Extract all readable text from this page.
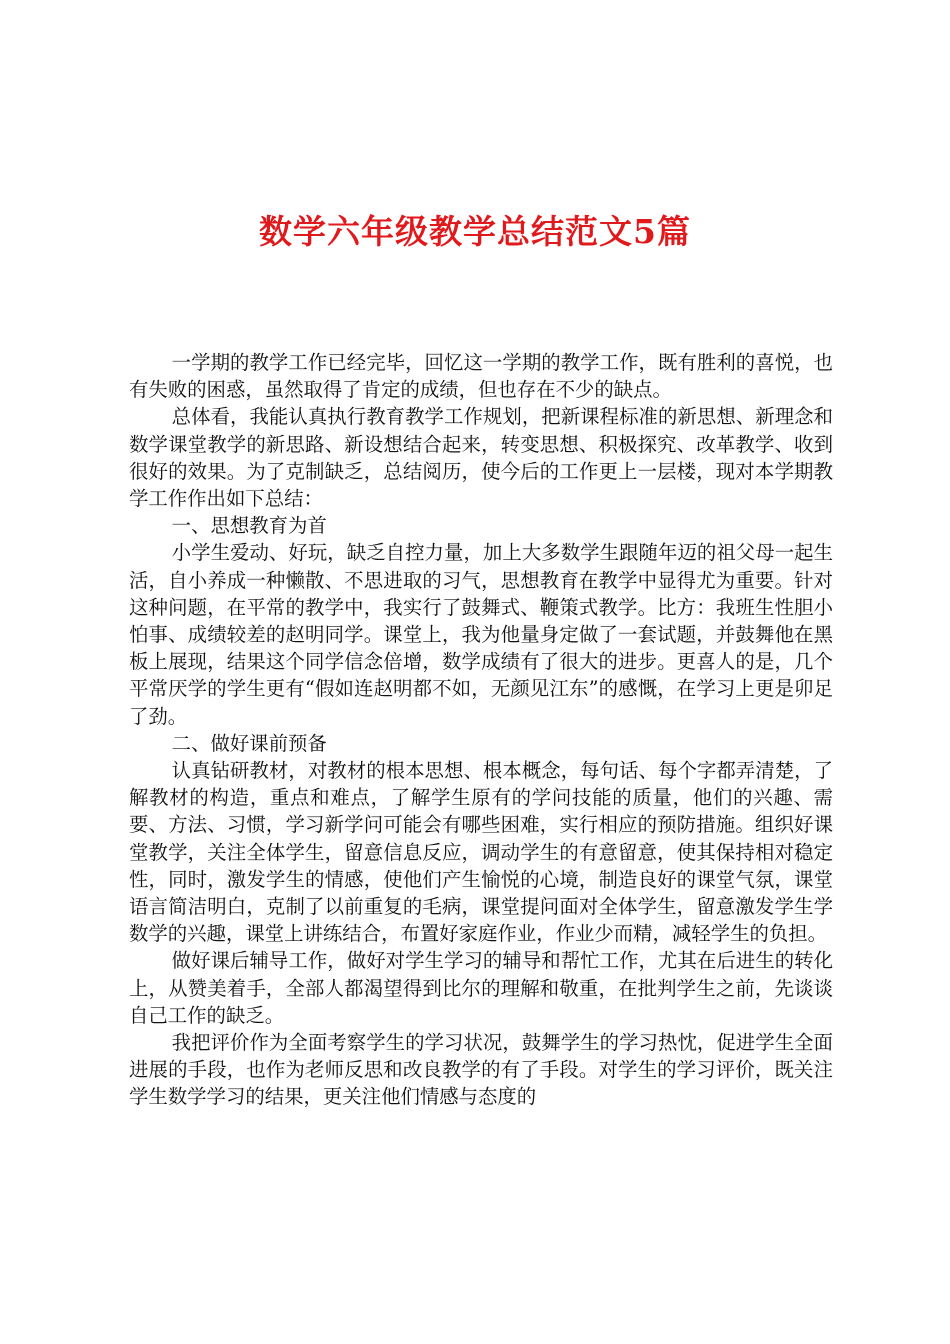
数学六年级教学总结范文5篇

一学期的教学工作已经完毕，回忆这一学期的教学工作，既有胜利的喜悦，也有失败的困惑，虽然取得了肯定的成绩，但也存在不少的缺点。

总体看，我能认真执行教育教学工作规划，把新课程标准的新思想、新理念和数学课堂教学的新思路、新设想结合起来，转变思想、积极探究、改革教学、收到很好的效果。为了克制缺乏，总结阅历，使今后的工作更上一层楼，现对本学期教学工作作出如下总结：

一、思想教育为首

小学生爱动、好玩，缺乏自控力量，加上大多数学生跟随年迈的祖父母一起生活，自小养成一种懒散、不思进取的习气，思想教育在教学中显得尤为重要。针对这种问题，在平常的教学中，我实行了鼓舞式、鞭策式教学。比方：我班生性胆小怕事、成绩较差的赵明同学。课堂上，我为他量身定做了一套试题，并鼓舞他在黑板上展现，结果这个同学信念倍增，数学成绩有了很大的进步。更喜人的是，几个平常厌学的学生更有“假如连赵明都不如，无颜见江东”的感慨，在学习上更是卯足了劲。

二、做好课前预备

认真钻研教材，对教材的根本思想、根本概念，每句话、每个字都弄清楚，了解教材的构造，重点和难点，了解学生原有的学问技能的质量，他们的兴趣、需要、方法、习惯，学习新学问可能会有哪些困难，实行相应的预防措施。组织好课堂教学，关注全体学生，留意信息反应，调动学生的有意留意，使其保持相对稳定性，同时，激发学生的情感，使他们产生愉悦的心境，制造良好的课堂气氛，课堂语言简洁明白，克制了以前重复的毛病，课堂提问面对全体学生，留意激发学生学数学的兴趣，课堂上讲练结合，布置好家庭作业，作业少而精，减轻学生的负担。

做好课后辅导工作，做好对学生学习的辅导和帮忙工作，尤其在后进生的转化上，从赞美着手，全部人都渴望得到比尔的理解和敬重，在批判学生之前，先谈谈自己工作的缺乏。

我把评价作为全面考察学生的学习状况，鼓舞学生的学习热忱，促进学生全面进展的手段，也作为老师反思和改良教学的有了手段。对学生的学习评价，既关注学生数学学习的结果，更关注他们情感与态度的
